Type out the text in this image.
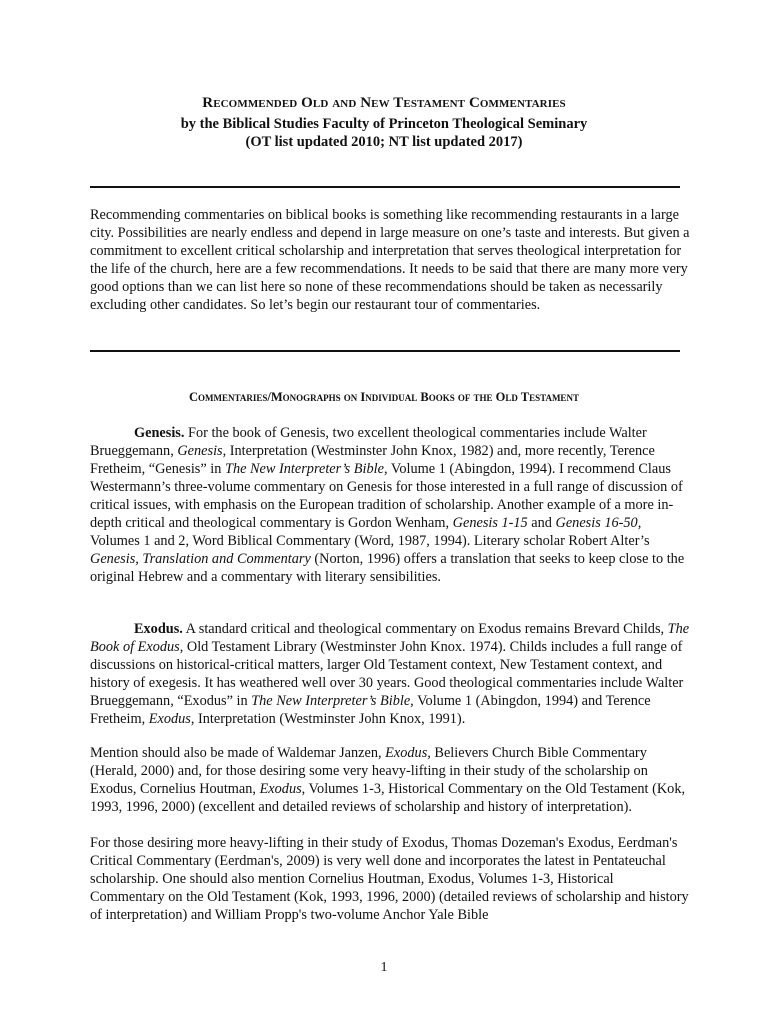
Recommended Old and New Testament Commentaries
by the Biblical Studies Faculty of Princeton Theological Seminary
(OT list updated 2010; NT list updated 2017)

Recommending commentaries on biblical books is something like recommending restaurants in a large city. Possibilities are nearly endless and depend in large measure on one’s taste and interests. But given a commitment to excellent critical scholarship and interpretation that serves theological interpretation for the life of the church, here are a few recommendations. It needs to be said that there are many more very good options than we can list here so none of these recommendations should be taken as necessarily excluding other candidates. So let’s begin our restaurant tour of commentaries.

Commentaries/Monographs on Individual Books of the Old Testament

Genesis. For the book of Genesis, two excellent theological commentaries include Walter Brueggemann, Genesis, Interpretation (Westminster John Knox, 1982) and, more recently, Terence Fretheim, “Genesis” in The New Interpreter’s Bible, Volume 1 (Abingdon, 1994). I recommend Claus Westermann’s three-volume commentary on Genesis for those interested in a full range of discussion of critical issues, with emphasis on the European tradition of scholarship. Another example of a more in-depth critical and theological commentary is Gordon Wenham, Genesis 1-15 and Genesis 16-50, Volumes 1 and 2, Word Biblical Commentary (Word, 1987, 1994). Literary scholar Robert Alter’s Genesis, Translation and Commentary (Norton, 1996) offers a translation that seeks to keep close to the original Hebrew and a commentary with literary sensibilities.

Exodus. A standard critical and theological commentary on Exodus remains Brevard Childs, The Book of Exodus, Old Testament Library (Westminster John Knox. 1974). Childs includes a full range of discussions on historical-critical matters, larger Old Testament context, New Testament context, and history of exegesis. It has weathered well over 30 years. Good theological commentaries include Walter Brueggemann, “Exodus” in The New Interpreter’s Bible, Volume 1 (Abingdon, 1994) and Terence Fretheim, Exodus, Interpretation (Westminster John Knox, 1991).

Mention should also be made of Waldemar Janzen, Exodus, Believers Church Bible Commentary (Herald, 2000) and, for those desiring some very heavy-lifting in their study of the scholarship on Exodus, Cornelius Houtman, Exodus, Volumes 1-3, Historical Commentary on the Old Testament (Kok, 1993, 1996, 2000) (excellent and detailed reviews of scholarship and history of interpretation).

For those desiring more heavy-lifting in their study of Exodus, Thomas Dozeman's Exodus, Eerdman's Critical Commentary (Eerdman's, 2009) is very well done and incorporates the latest in Pentateuchal scholarship. One should also mention Cornelius Houtman, Exodus, Volumes 1-3, Historical Commentary on the Old Testament (Kok, 1993, 1996, 2000) (detailed reviews of scholarship and history of interpretation) and William Propp's two-volume Anchor Yale Bible

1
